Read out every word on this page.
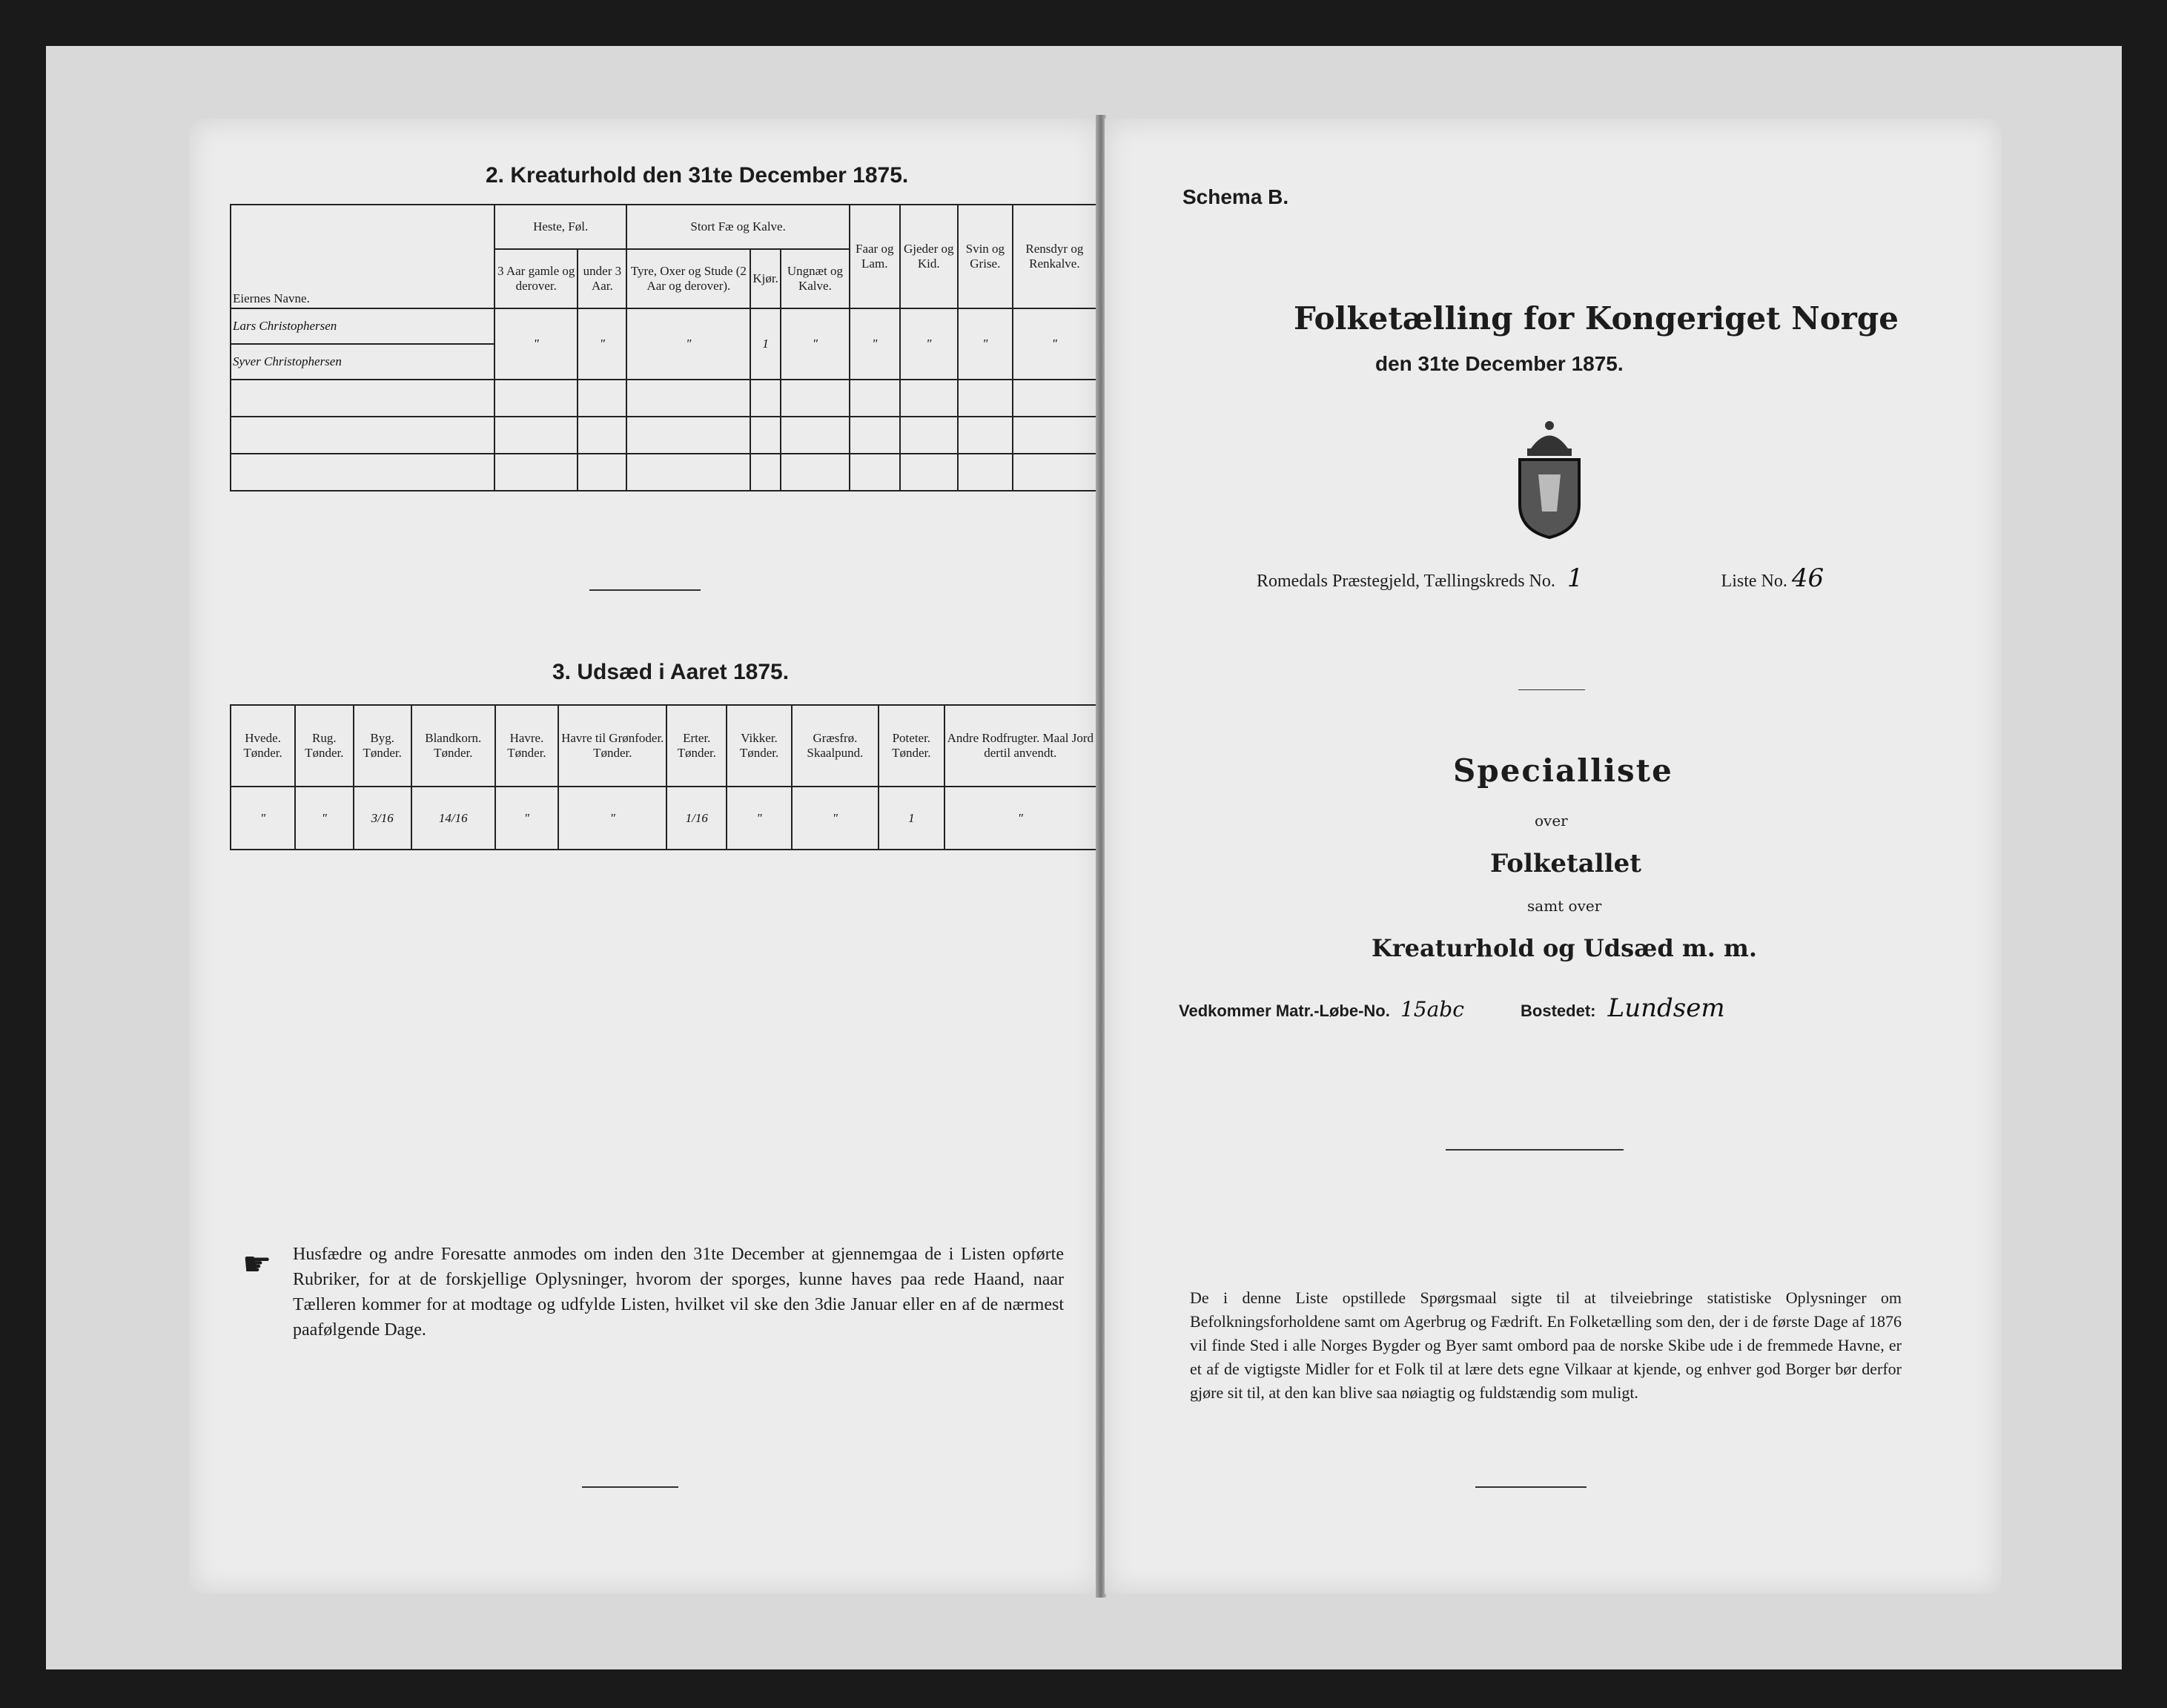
2. Kreaturhold den 31te December 1875.
Eiernes Navne.	Heste, Føl.		Stort Fæ og Kalve.			Faar og Lam.	Gjeder og Kid.	Svin og Grise.	Rensdyr og Renkalve.
	3 Aar gamle og derover.	under 3 Aar.	Tyre, Oxer og Stude (2 Aar og derover).	Kjør.	Ungnæt og Kalve.				
Lars Christophersen	"	"	"	1	"	"	"	"	"
Syver Christophersen									

3. Udsæd i Aaret 1875.
Hvede. Tønder.	Rug. Tønder.	Byg. Tønder.	Blandkorn. Tønder.	Havre. Tønder.	Havre til Grønfoder. Tønder.	Erter. Tønder.	Vikker. Tønder.	Græsfrø. Skaalpund.	Poteter. Tønder.	Andre Rodfrugter. Maal Jord dertil anvendt.
"	"	3/16	14/16	"	"	1/16	"	"	1	"
☛ Husfædre og andre Foresatte anmodes om inden den 31te December at gjennemgaa de i Listen opførte Rubriker, for at de forskjellige Oplysninger, hvorom der sporges, kunne haves paa rede Haand, naar Tælleren kommer for at modtage og udfylde Listen, hvilket vil ske den 3die Januar eller en af de nærmest paafølgende Dage.
Schema B.
Folketælling for Kongeriget Norge
den 31te December 1875.
Romedals Præstegjeld, Tællingskreds No. 1	Liste No. 46
Specialliste
over
Folketallet
samt over
Kreaturhold og Udsæd m. m.
Vedkommer Matr.-Løbe-No. 15abc	Bostedet: Lundsem
De i denne Liste opstillede Spørgsmaal sigte til at tilveiebringe statistiske Oplysninger om Befolkningsforholdene samt om Agerbrug og Fædrift. En Folketælling som den, der i de første Dage af 1876 vil finde Sted i alle Norges Bygder og Byer samt ombord paa de norske Skibe ude i de fremmede Havne, er et af de vigtigste Midler for et Folk til at lære dets egne Vilkaar at kjende, og enhver god Borger bør derfor gjøre sit til, at den kan blive saa nøiagtig og fuldstændig som muligt.
